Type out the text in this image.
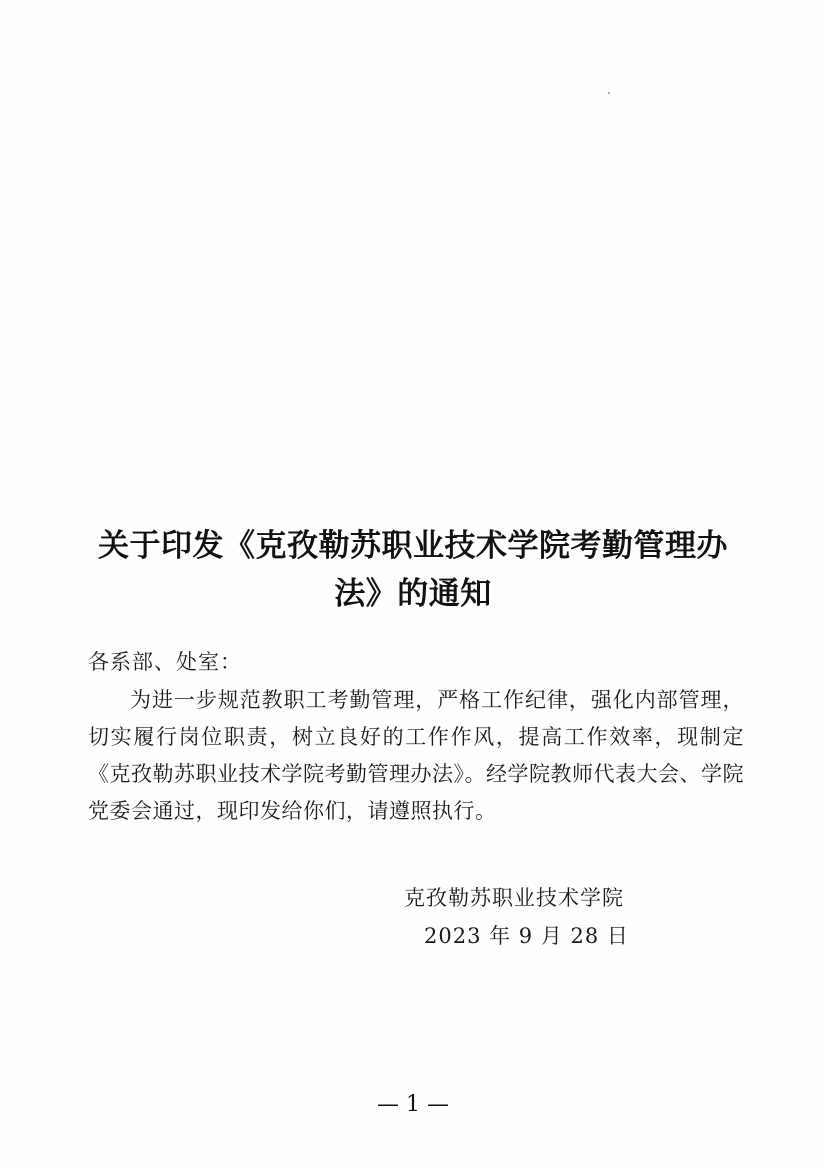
关于印发《克孜勒苏职业技术学院考勤管理办
法》的通知
各系部、处室：
为进一步规范教职工考勤管理，严格工作纪律，强化内部管理，切实履行岗位职责，树立良好的工作作风，提高工作效率，现制定《克孜勒苏职业技术学院考勤管理办法》。经学院教师代表大会、学院党委会通过，现印发给你们，请遵照执行。
克孜勒苏职业技术学院
2023 年 9 月 28 日
— 1 —
